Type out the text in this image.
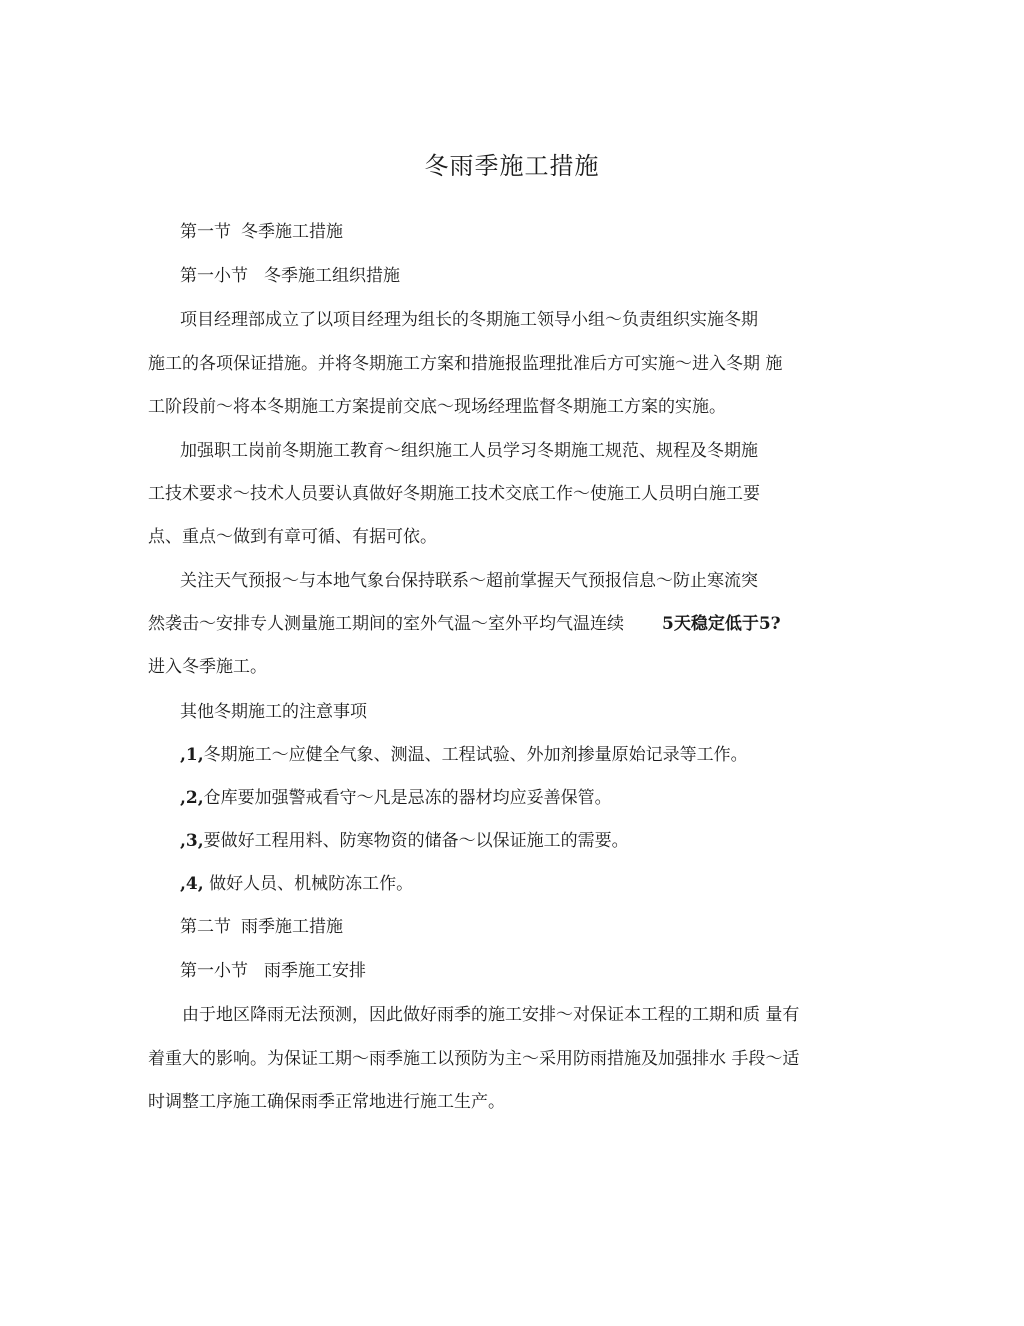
冬雨季施工措施
第一节 冬季施工措施
第一小节 冬季施工组织措施
项目经理部成立了以项目经理为组长的冬期施工领导小组～负责组织实施冬期
施工的各项保证措施。并将冬期施工方案和措施报监理批准后方可实施～进入冬期 施
工阶段前～将本冬期施工方案提前交底～现场经理监督冬期施工方案的实施。
加强职工岗前冬期施工教育～组织施工人员学习冬期施工规范、规程及冬期施
工技术要求～技术人员要认真做好冬期施工技术交底工作～使施工人员明白施工要
点、重点～做到有章可循、有据可依。
关注天气预报～与本地气象台保持联系～超前掌握天气预报信息～防止寒流突
然袭击～安排专人测量施工期间的室外气温～室外平均气温连续 5天稳定低于5?
进入冬季施工。
其他冬期施工的注意事项
,1,冬期施工～应健全气象、测温、工程试验、外加剂掺量原始记录等工作。
,2,仓库要加强警戒看守～凡是忌冻的器材均应妥善保管。
,3,要做好工程用料、防寒物资的储备～以保证施工的需要。
,4, 做好人员、机械防冻工作。
第二节 雨季施工措施
第一小节 雨季施工安排
由于地区降雨无法预测，因此做好雨季的施工安排～对保证本工程的工期和质 量有
着重大的影响。为保证工期～雨季施工以预防为主～采用防雨措施及加强排水 手段～适
时调整工序施工确保雨季正常地进行施工生产。
